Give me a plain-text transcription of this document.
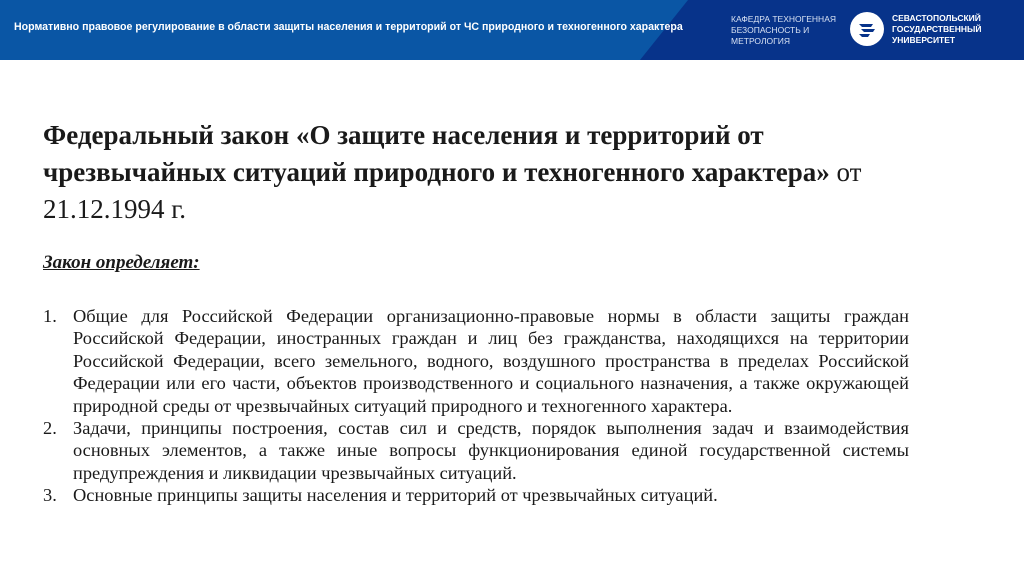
Нормативно правовое регулирование в области защиты населения и территорий от ЧС природного и техногенного характера
КАФЕДРА ТЕХНОГЕННАЯ
БЕЗОПАСНОСТЬ И
МЕТРОЛОГИЯ
СЕВАСТОПОЛЬСКИЙ
ГОСУДАРСТВЕННЫЙ
УНИВЕРСИТЕТ
Федеральный закон «О защите населения и территорий от чрезвычайных ситуаций природного и техногенного характера» от 21.12.1994 г.
Закон определяет:
1. Общие для Российской Федерации организационно-правовые нормы в области защиты граждан Российской Федерации, иностранных граждан и лиц без гражданства, находящихся на территории Российской Федерации, всего земельного, водного, воздушного пространства в пределах Российской Федерации или его части, объектов производственного и социального назначения, а также окружающей природной среды от чрезвычайных ситуаций природного и техногенного характера.
2. Задачи, принципы построения, состав сил и средств, порядок выполнения задач и взаимодействия основных элементов, а также иные вопросы функционирования единой государственной системы предупреждения и ликвидации чрезвычайных ситуаций.
3. Основные принципы защиты населения и территорий от чрезвычайных ситуаций.
